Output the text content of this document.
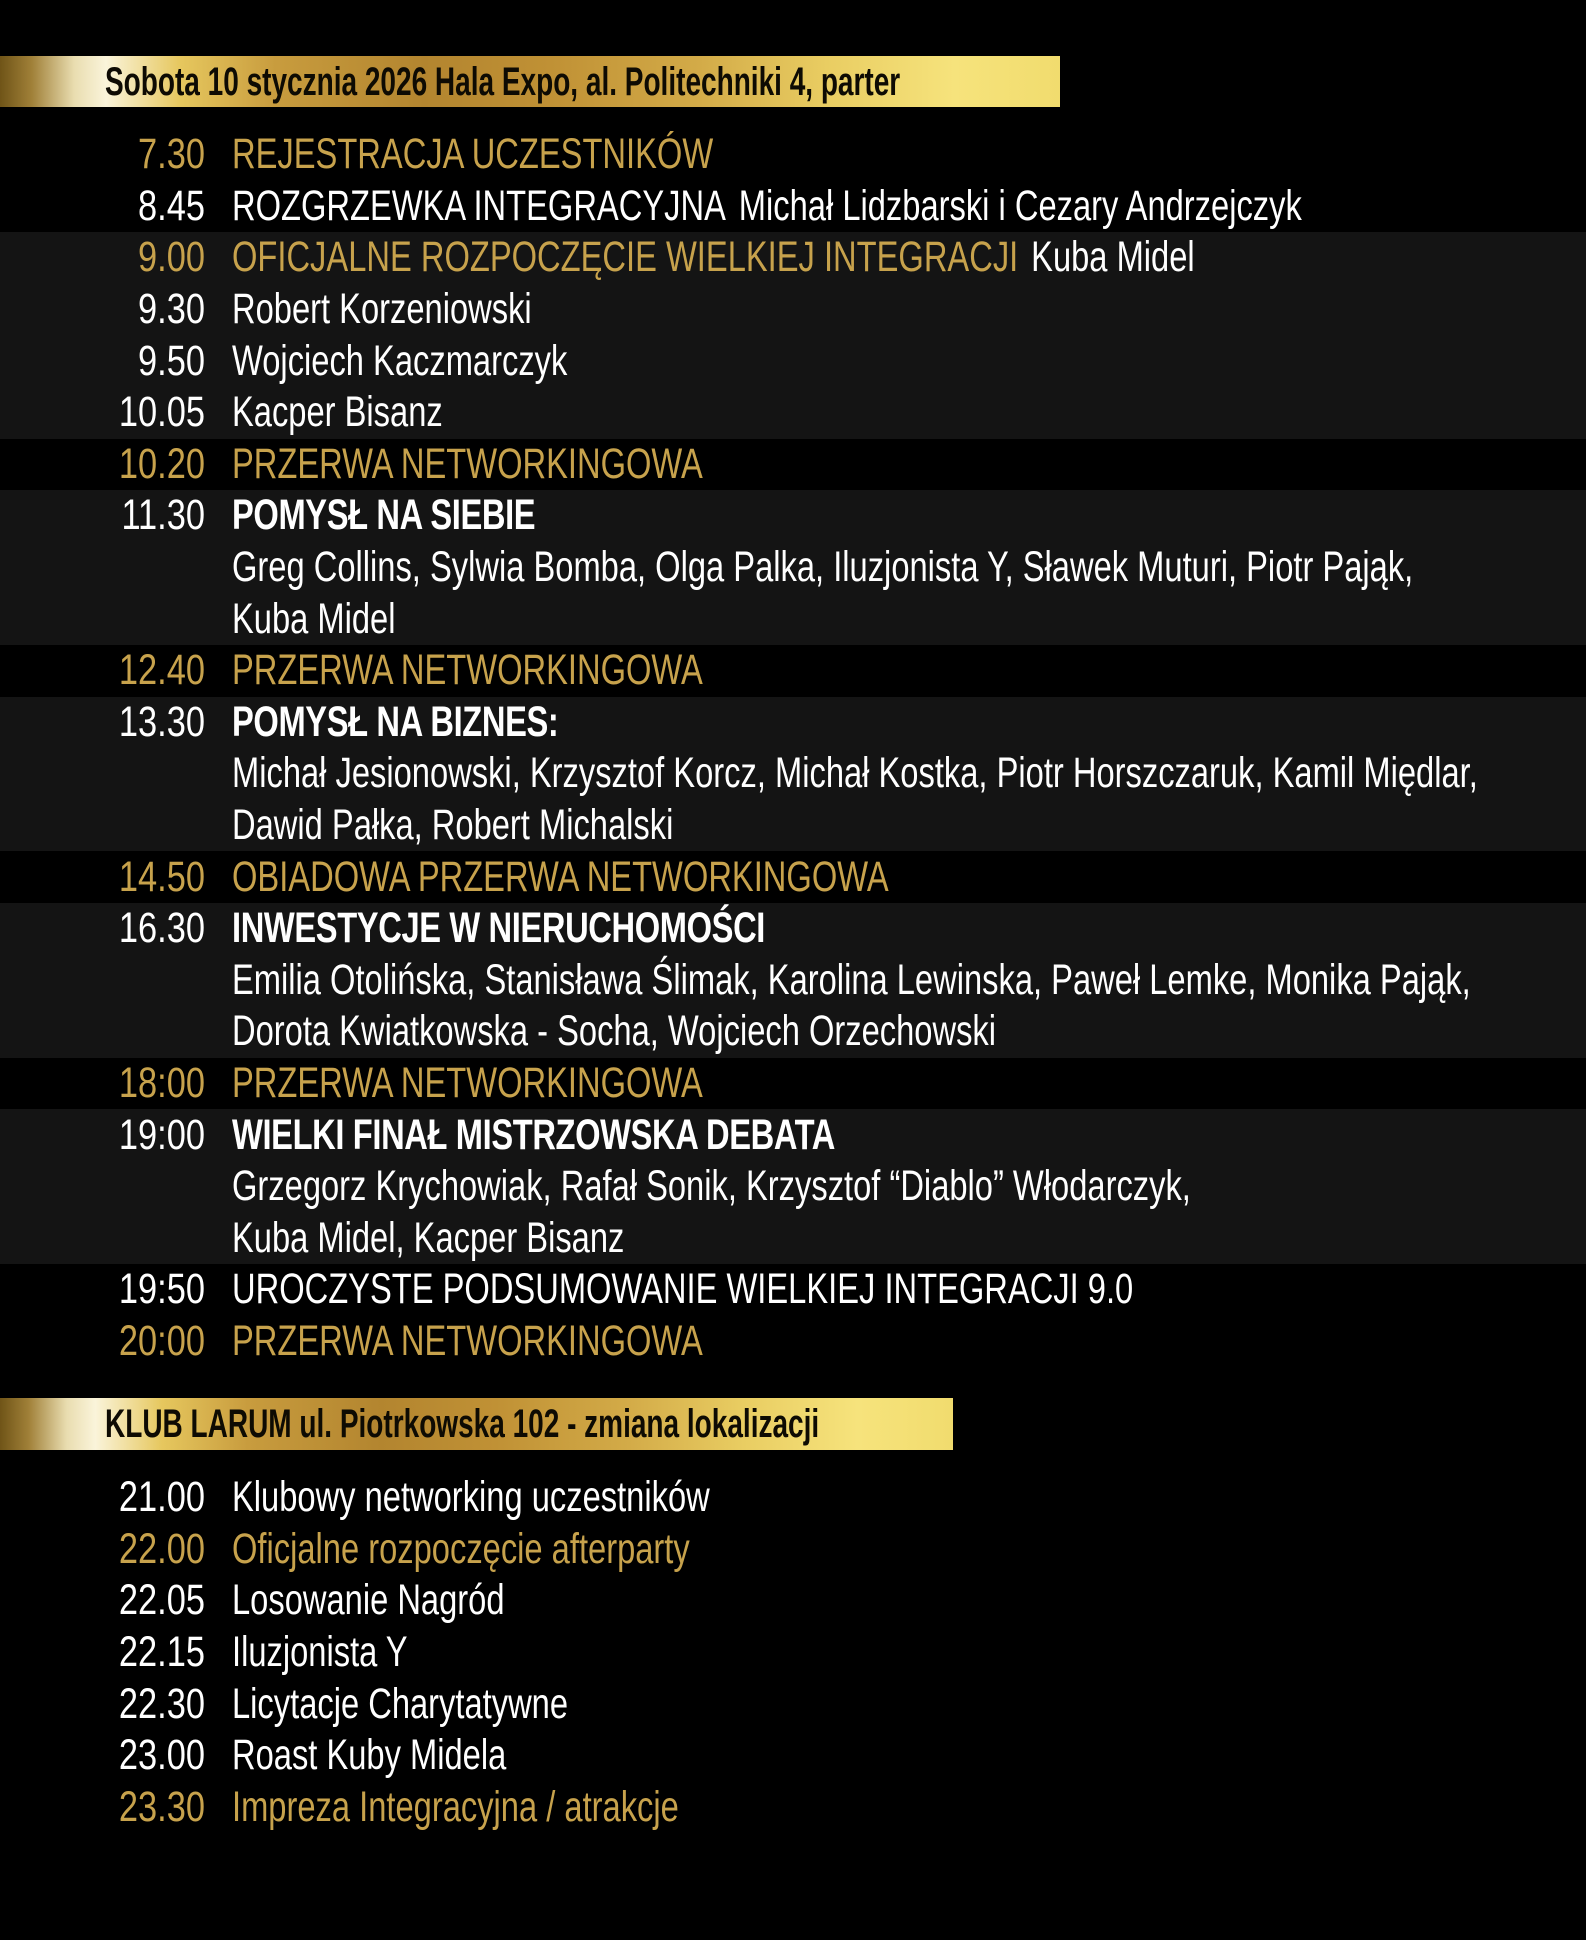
Sobota 10 stycznia 2026 Hala Expo, al. Politechniki 4, parter
7.30 REJESTRACJA UCZESTNIKÓW
8.45 ROZGRZEWKA INTEGRACYJNA Michał Lidzbarski i Cezary Andrzejczyk
9.00 OFICJALNE ROZPOCZĘCIE WIELKIEJ INTEGRACJI Kuba Midel
9.30 Robert Korzeniowski
9.50 Wojciech Kaczmarczyk
10.05 Kacper Bisanz
10.20 PRZERWA NETWORKINGOWA
11.30 POMYSŁ NA SIEBIE
Greg Collins, Sylwia Bomba, Olga Palka, Iluzjonista Y, Sławek Muturi, Piotr Pająk,
Kuba Midel
12.40 PRZERWA NETWORKINGOWA
13.30 POMYSŁ NA BIZNES:
Michał Jesionowski, Krzysztof Korcz, Michał Kostka, Piotr Horszczaruk, Kamil Międlar,
Dawid Pałka, Robert Michalski
14.50 OBIADOWA PRZERWA NETWORKINGOWA
16.30 INWESTYCJE W NIERUCHOMOŚCI
Emilia Otolińska, Stanisława Ślimak, Karolina Lewinska, Paweł Lemke, Monika Pająk,
Dorota Kwiatkowska - Socha, Wojciech Orzechowski
18:00 PRZERWA NETWORKINGOWA
19:00 WIELKI FINAŁ MISTRZOWSKA DEBATA
Grzegorz Krychowiak, Rafał Sonik, Krzysztof “Diablo” Włodarczyk,
Kuba Midel, Kacper Bisanz
19:50 UROCZYSTE PODSUMOWANIE WIELKIEJ INTEGRACJI 9.0
20:00 PRZERWA NETWORKINGOWA
KLUB LARUM ul. Piotrkowska 102 - zmiana lokalizacji
21.00 Klubowy networking uczestników
22.00 Oficjalne rozpoczęcie afterparty
22.05 Losowanie Nagród
22.15 Iluzjonista Y
22.30 Licytacje Charytatywne
23.00 Roast Kuby Midela
23.30 Impreza Integracyjna / atrakcje
